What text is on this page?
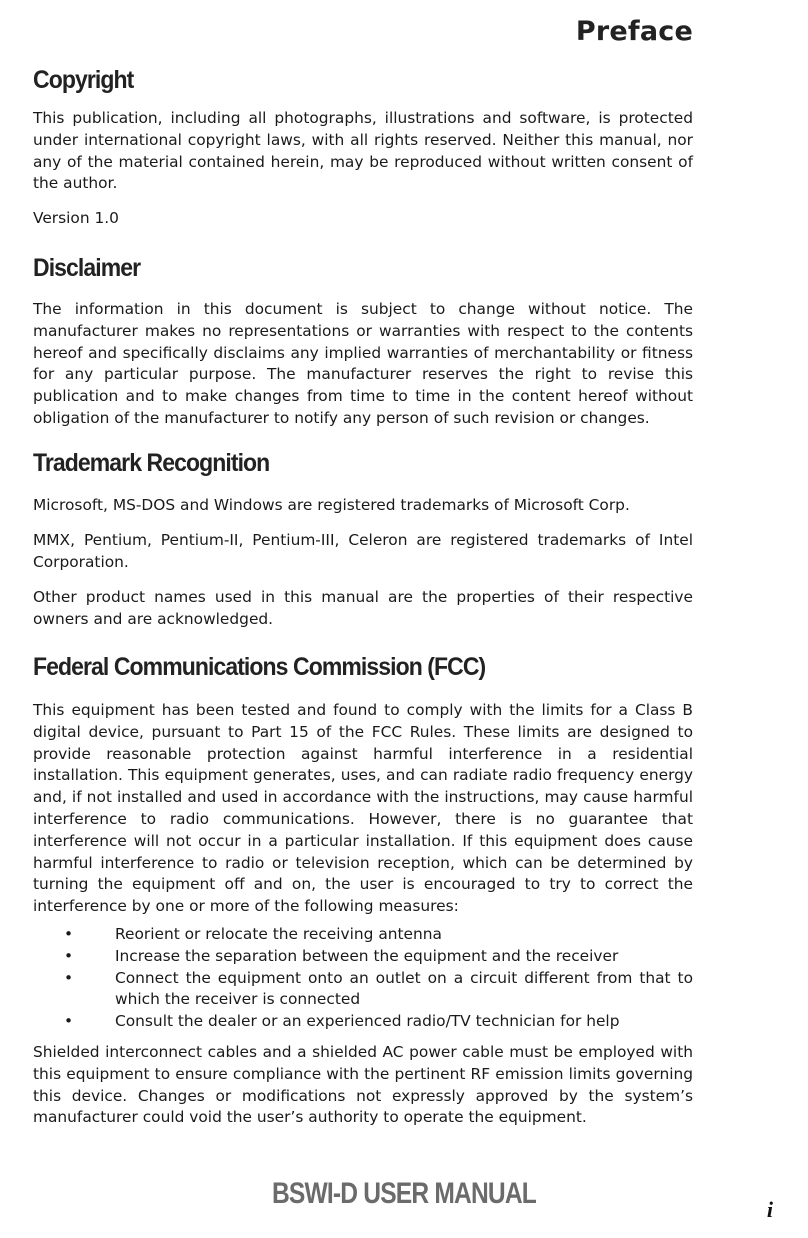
Preface
Copyright

This publication, including all photographs, illustrations and software, is protected under international copyright laws, with all rights reserved. Neither this manual, nor any of the material contained herein, may be reproduced without written consent of the author.

Version 1.0

Disclaimer

The information in this document is subject to change without notice. The manufacturer makes no representations or warranties with respect to the contents hereof and specifically disclaims any implied warranties of merchantability or fitness for any particular purpose. The manufacturer reserves the right to revise this publication and to make changes from time to time in the content hereof without obligation of the manufacturer to notify any person of such revision or changes.

Trademark Recognition

Microsoft, MS-DOS and Windows are registered trademarks of Microsoft Corp.

MMX, Pentium, Pentium-II, Pentium-III, Celeron are registered trademarks of Intel Corporation.

Other product names used in this manual are the properties of their respective owners and are acknowledged.

Federal Communications Commission (FCC)

This equipment has been tested and found to comply with the limits for a Class B digital device, pursuant to Part 15 of the FCC Rules. These limits are designed to provide reasonable protection against harmful interference in a residential installation. This equipment generates, uses, and can radiate radio frequency energy and, if not installed and used in accordance with the instructions, may cause harmful interference to radio communications. However, there is no guarantee that interference will not occur in a particular installation. If this equipment does cause harmful interference to radio or television reception, which can be determined by turning the equipment off and on, the user is encouraged to try to correct the interference by one or more of the following measures:

•	Reorient or relocate the receiving antenna
•	Increase the separation between the equipment and the receiver
•	Connect the equipment onto an outlet on a circuit different from that to which the receiver is connected
•	Consult the dealer or an experienced radio/TV technician for help

Shielded interconnect cables and a shielded AC power cable must be employed with this equipment to ensure compliance with the pertinent RF emission limits governing this device. Changes or modifications not expressly approved by the system’s manufacturer could void the user’s authority to operate the equipment.

BSWI-D USER MANUAL	i
